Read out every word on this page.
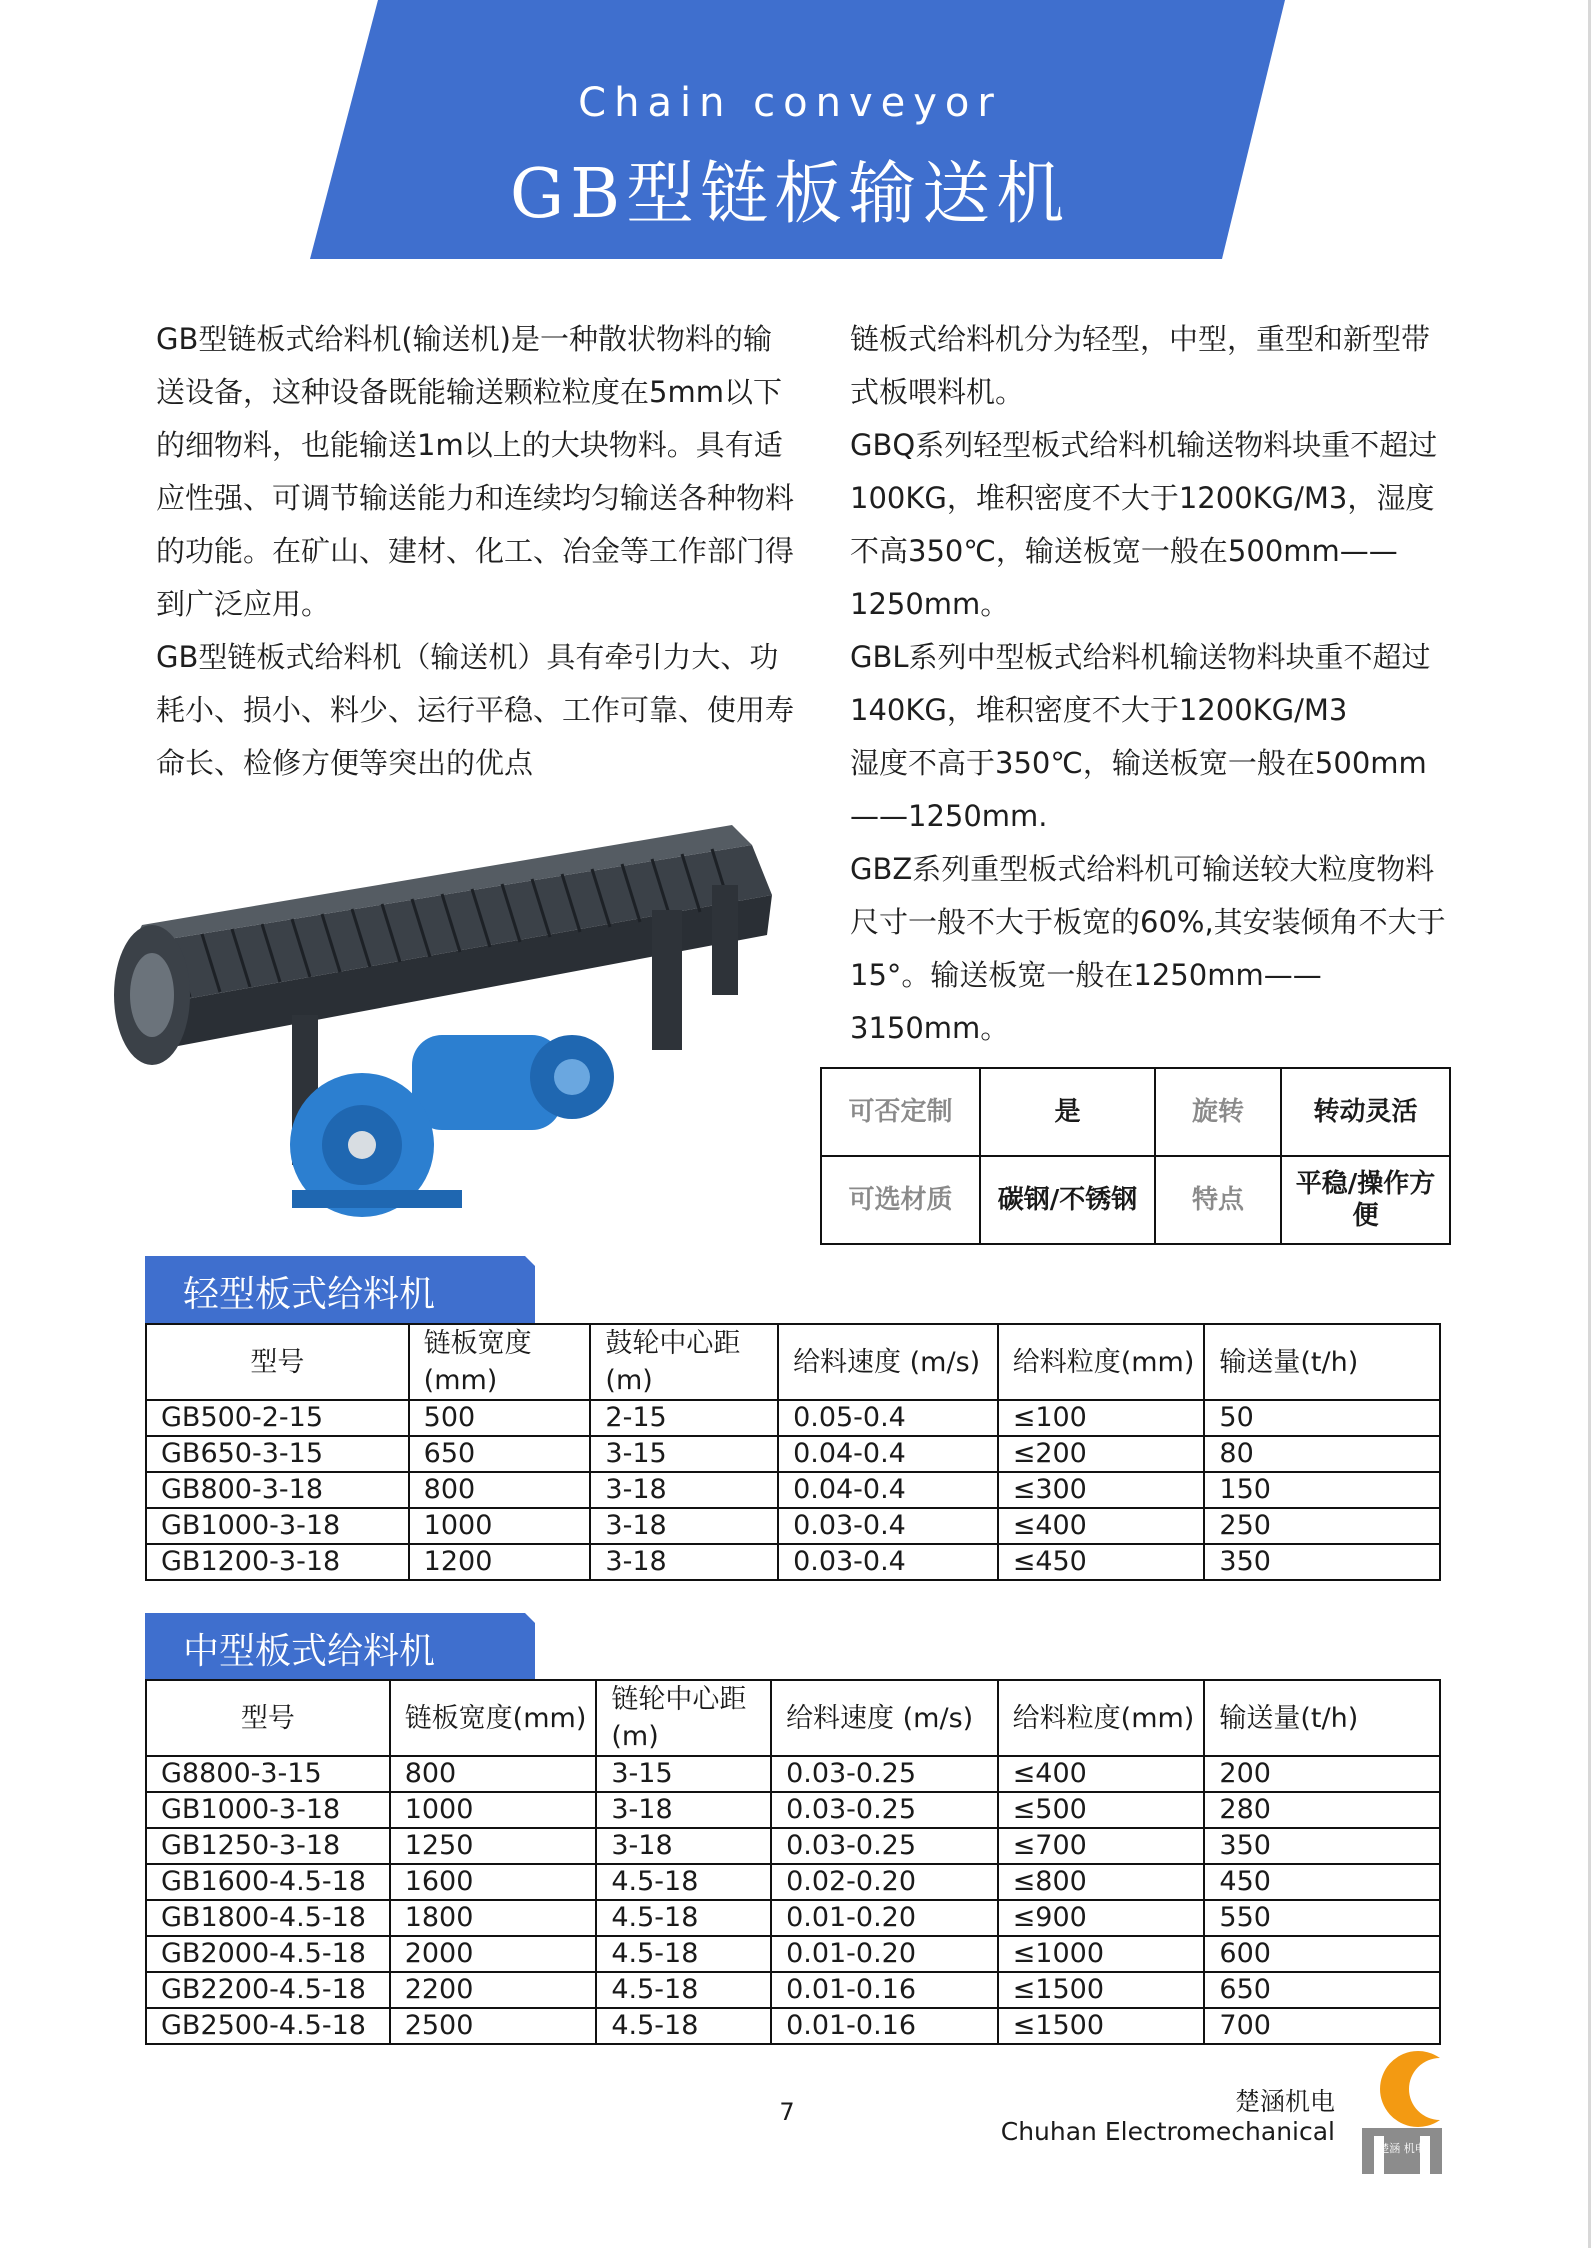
Chain conveyor
GB型链板输送机

GB型链板式给料机(输送机)是一种散状物料的输送设备，这种设备既能输送颗粒粒度在5mm以下的细物料，也能输送1m以上的大块物料。具有适应性强、可调节输送能力和连续均匀输送各种物料的功能。在矿山、建材、化工、冶金等工作部门得到广泛应用。

GB型链板式给料机（输送机）具有牵引力大、功耗小、损小、料少、运行平稳、工作可靠、使用寿命长、检修方便等突出的优点

链板式给料机分为轻型，中型，重型和新型带式板喂料机。

GBQ系列轻型板式给料机输送物料块重不超过100KG，堆积密度不大于1200KG/M3，湿度不高350℃，输送板宽一般在500mm——1250mm。

GBL系列中型板式给料机输送物料块重不超过140KG，堆积密度不大于1200KG/M3

湿度不高于350℃，输送板宽一般在500mm——1250mm.

GBZ系列重型板式给料机可输送较大粒度物料尺寸一般不大于板宽的60%,其安装倾角不大于15°。输送板宽一般在1250mm——3150mm。

可否定制	是	旋转	转动灵活
可选材质	碳钢/不锈钢	特点	平稳/操作方便
轻型板式给料机
型号	链板宽度(mm)	鼓轮中心距(m)	给料速度 (m/s)	给料粒度(mm)	输送量(t/h)
GB500-2-15	500	2-15	0.05-0.4	≤100	50
GB650-3-15	650	3-15	0.04-0.4	≤200	80
GB800-3-18	800	3-18	0.04-0.4	≤300	150
GB1000-3-18	1000	3-18	0.03-0.4	≤400	250
GB1200-3-18	1200	3-18	0.03-0.4	≤450	350
中型板式给料机
型号	链板宽度(mm)	链轮中心距(m)	给料速度 (m/s)	给料粒度(mm)	输送量(t/h)
G8800-3-15	800	3-15	0.03-0.25	≤400	200
GB1000-3-18	1000	3-18	0.03-0.25	≤500	280
GB1250-3-18	1250	3-18	0.03-0.25	≤700	350
GB1600-4.5-18	1600	4.5-18	0.02-0.20	≤800	450
GB1800-4.5-18	1800	4.5-18	0.01-0.20	≤900	550
GB2000-4.5-18	2000	4.5-18	0.01-0.20	≤1000	600
GB2200-4.5-18	2200	4.5-18	0.01-0.16	≤1500	650
GB2500-4.5-18	2500	4.5-18	0.01-0.16	≤1500	700
7	楚涵机电
Chuhan Electromechanical
楚涵 机电
